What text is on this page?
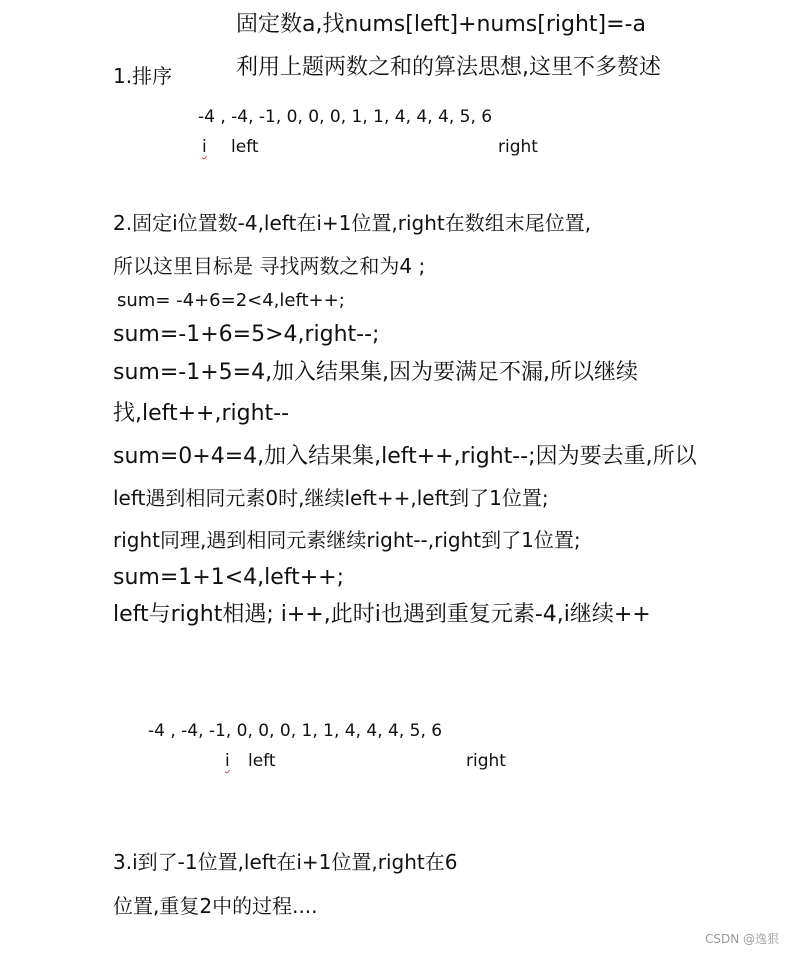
固定数a,找nums[left]+nums[right]=-a
利用上题两数之和的算法思想,这里不多赘述
1.排序
-4 , -4, -1, 0, 0, 0, 1, 1, 4, 4, 4, 5, 6
i left	right
2.固定i位置数-4,left在i+1位置,right在数组末尾位置,
所以这里目标是 寻找两数之和为4 ;
sum= -4+6=2<4,left++;
sum=-1+6=5>4,right--;
sum=-1+5=4,加入结果集,因为要满足不漏,所以继续
找,left++,right--
sum=0+4=4,加入结果集,left++,right--;因为要去重,所以
left遇到相同元素0时,继续left++,left到了1位置;
right同理,遇到相同元素继续right--,right到了1位置;
sum=1+1<4,left++;
left与right相遇; i++,此时i也遇到重复元素-4,i继续++
-4 , -4, -1, 0, 0, 0, 1, 1, 4, 4, 4, 5, 6
i left	right
3.i到了-1位置,left在i+1位置,right在6
位置,重复2中的过程....
CSDN @逸狠
